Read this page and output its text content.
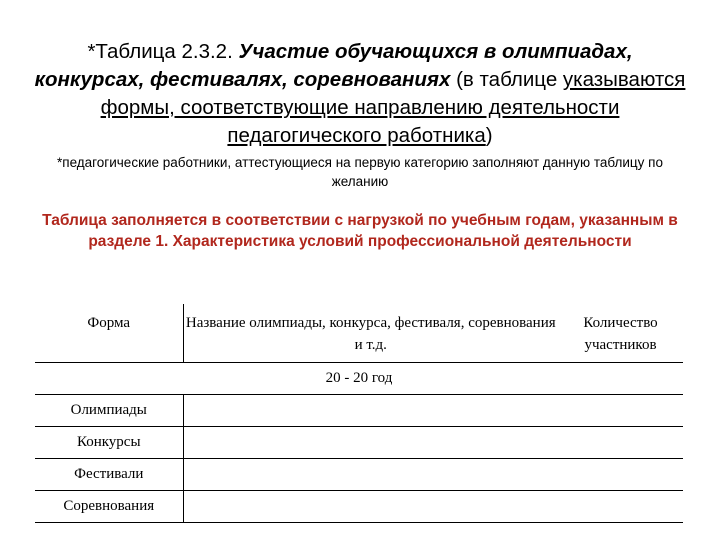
*Таблица 2.3.2. Участие обучающихся в олимпиадах, конкурсах, фестивалях, соревнованиях (в таблице указываются формы, соответствующие направлению деятельности педагогического работника)
*педагогические работники, аттестующиеся на первую категорию заполняют данную таблицу по желанию
Таблица заполняется в соответствии с нагрузкой по учебным годам, указанным в разделе 1. Характеристика условий профессиональной деятельности
Форма	Название олимпиады, конкурса, фестиваля, соревнования и т.д.	Количество участников
20 - 20 год		
Олимпиады		
Конкурсы		
Фестивали		
Соревнования		
